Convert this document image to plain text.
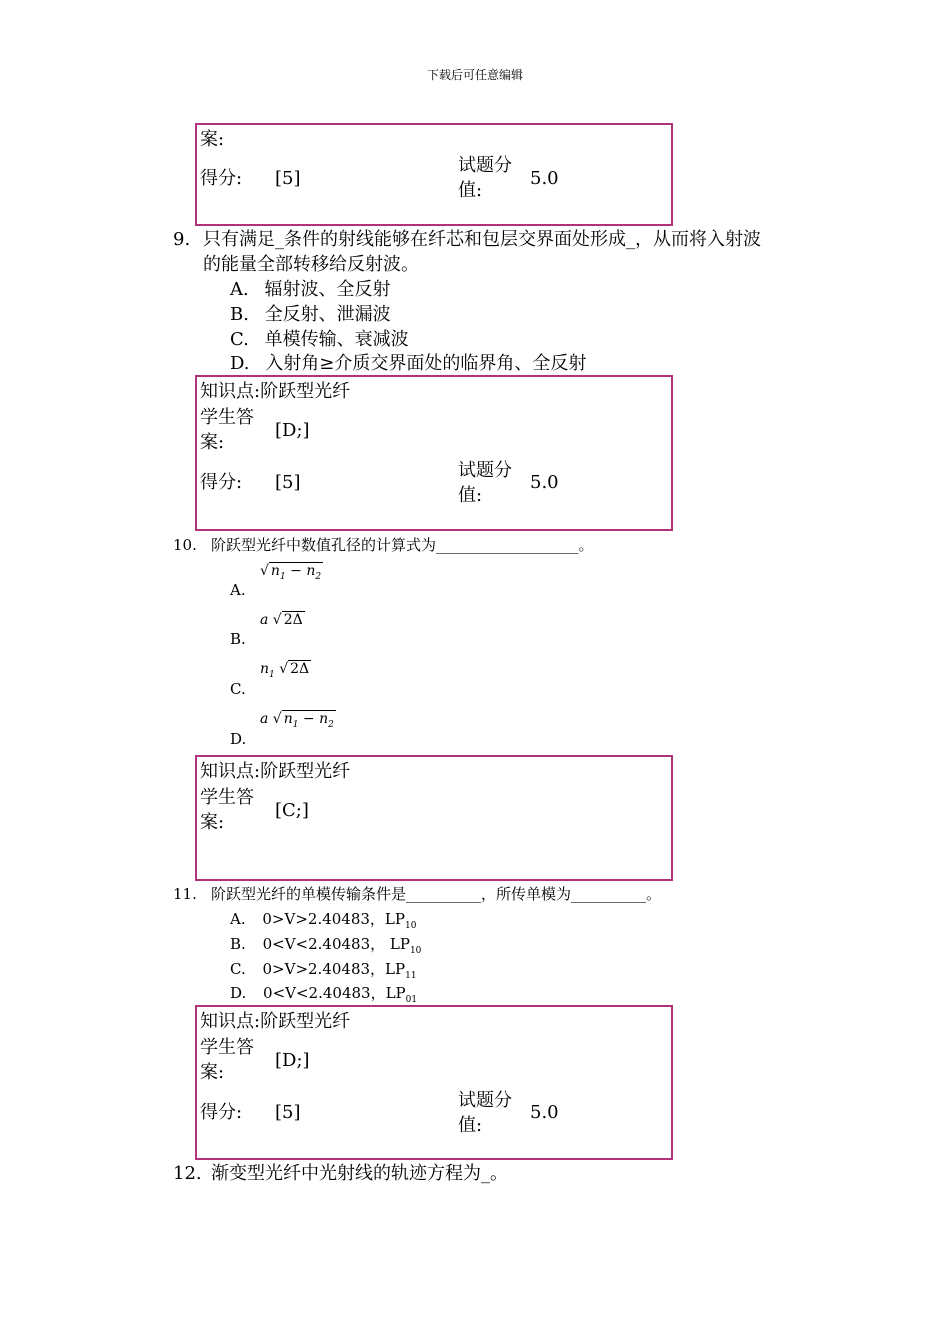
下载后可任意编辑
案:
得分: [5]
试题分
值:
5.0
9. 只有满足_条件的射线能够在纤芯和包层交界面处形成_，从而将入射波
的能量全部转移给反射波。
A. 辐射波、全反射
B. 全反射、泄漏波
C. 单模传输、衰减波
D. 入射角≥介质交界面处的临界角、全反射
知识点:阶跃型光纤
学生答
案:
[D;]
得分: [5]
试题分
值:
5.0
10. 阶跃型光纤中数值孔径的计算式为___________________。
A.
√ $n_1 - n_2$
B.
a √ 2Δ
C.
$n_1$ √ 2Δ
D.
a √ $n_1 - n_2$
知识点:阶跃型光纤
学生答
案:
[C;]
11. 阶跃型光纤的单模传输条件是__________，所传单模为__________。
A. 0>V>2.40483，$LP_{10}$
B. 0<V<2.40483， $LP_{10}$
C. 0>V>2.40483，$LP_{11}$
D. 0<V<2.40483，$LP_{01}$
知识点:阶跃型光纤
学生答
案:
[D;]
得分: [5]
试题分
值:
5.0
12. 渐变型光纤中光射线的轨迹方程为_。
